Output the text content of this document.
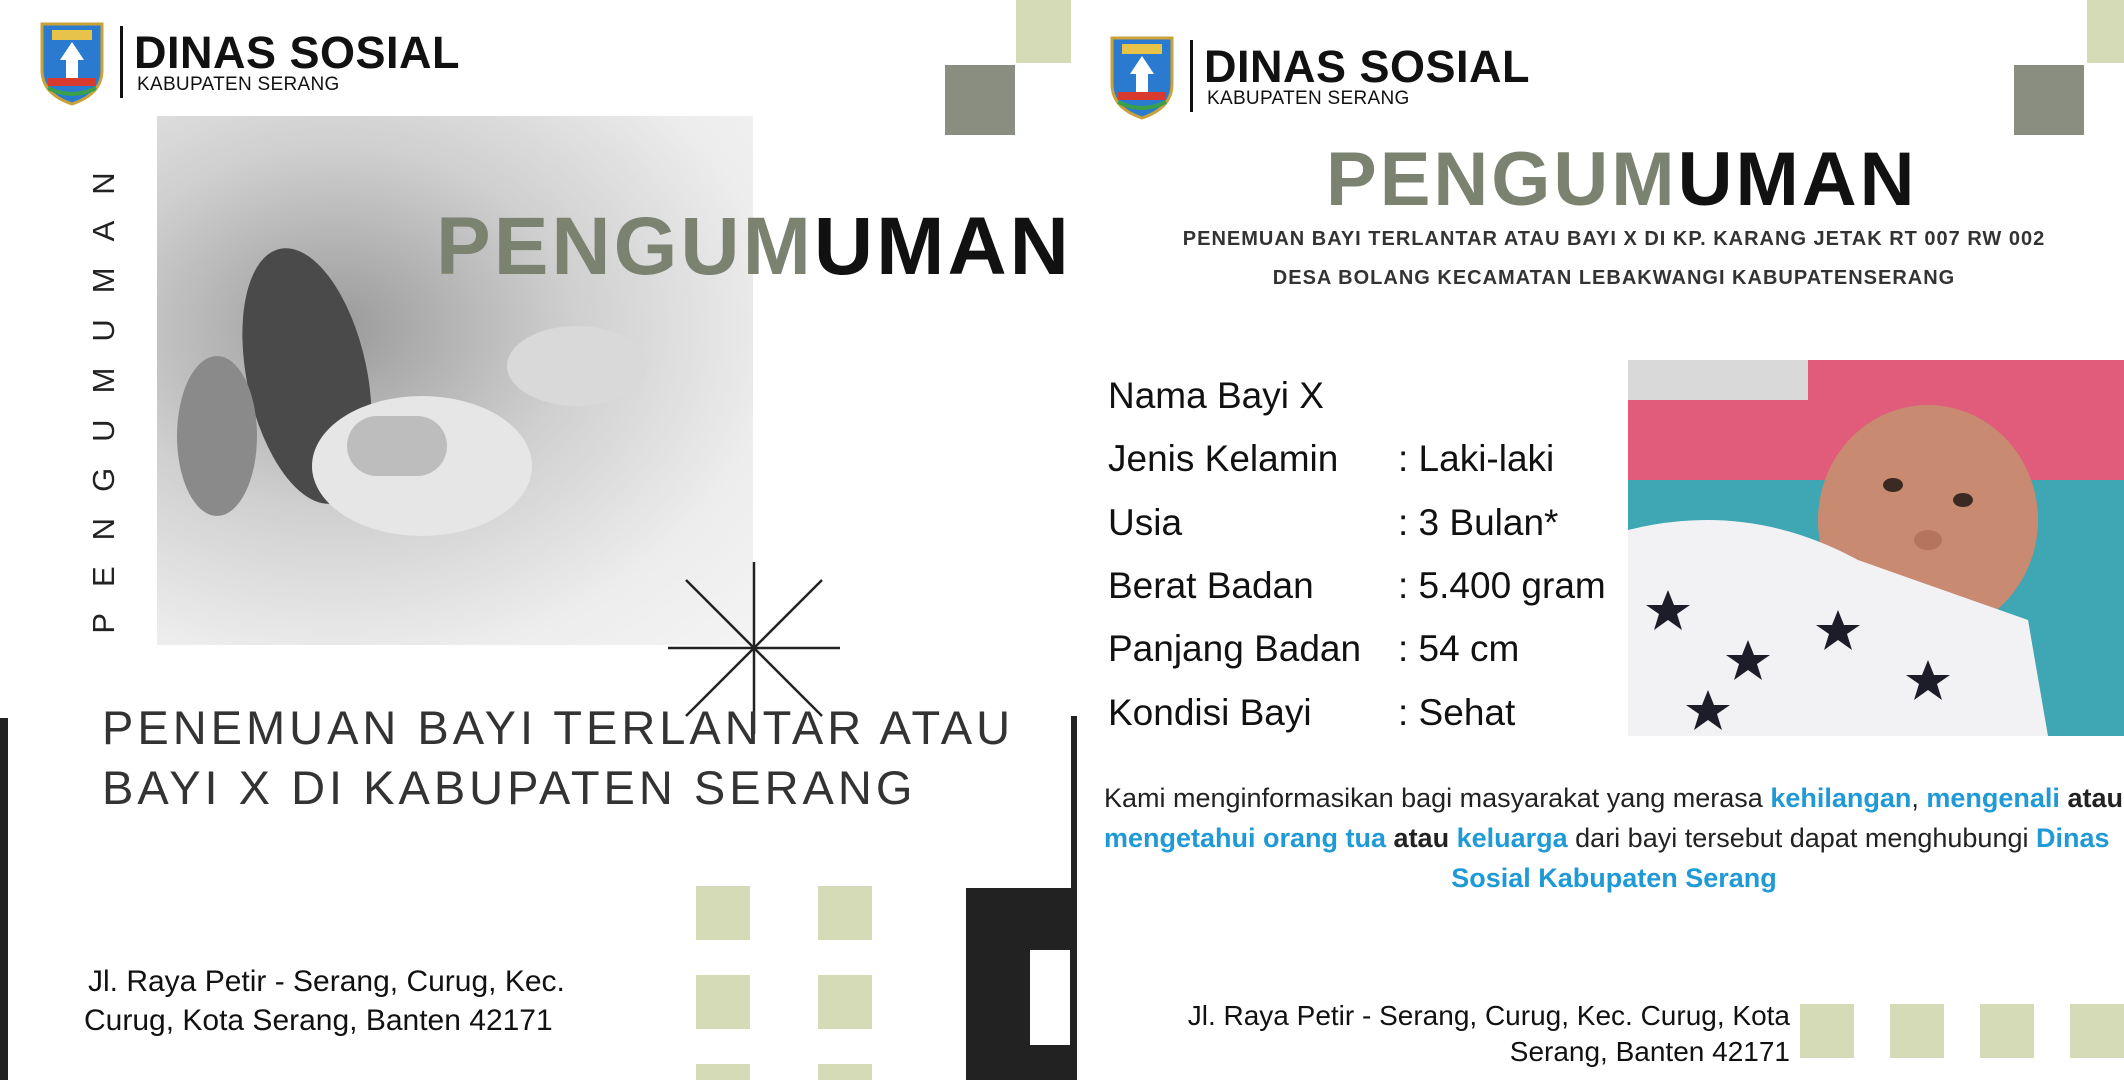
DINAS SOSIAL
KABUPATEN SERANG
PENGUMUMAN	PENGUMUMAN
PENEMUAN BAYI TERLANTAR ATAU
BAYI X DI KABUPATEN SERANG
Jl. Raya Petir - Serang, Curug, Kec.
Curug, Kota Serang, Banten 42171
DINAS SOSIAL
KABUPATEN SERANG
PENGUMUMAN
PENEMUAN BAYI TERLANTAR ATAU BAYI X DI KP. KARANG JETAK RT 007 RW 002
DESA BOLANG KECAMATAN LEBAKWANGI KABUPATENSERANG
Nama Bayi X
Jenis Kelamin : Laki-laki
Usia	: 3 Bulan*
Berat Badan : 5.400 gram
Panjang Badan : 54 cm
Kondisi Bayi : Sehat
Kami menginformasikan bagi masyarakat yang merasa kehilangan, mengenali atau
mengetahui orang tua atau keluarga dari bayi tersebut dapat menghubungi Dinas
Sosial Kabupaten Serang
Jl. Raya Petir - Serang, Curug, Kec. Curug, Kota
Serang, Banten 42171
